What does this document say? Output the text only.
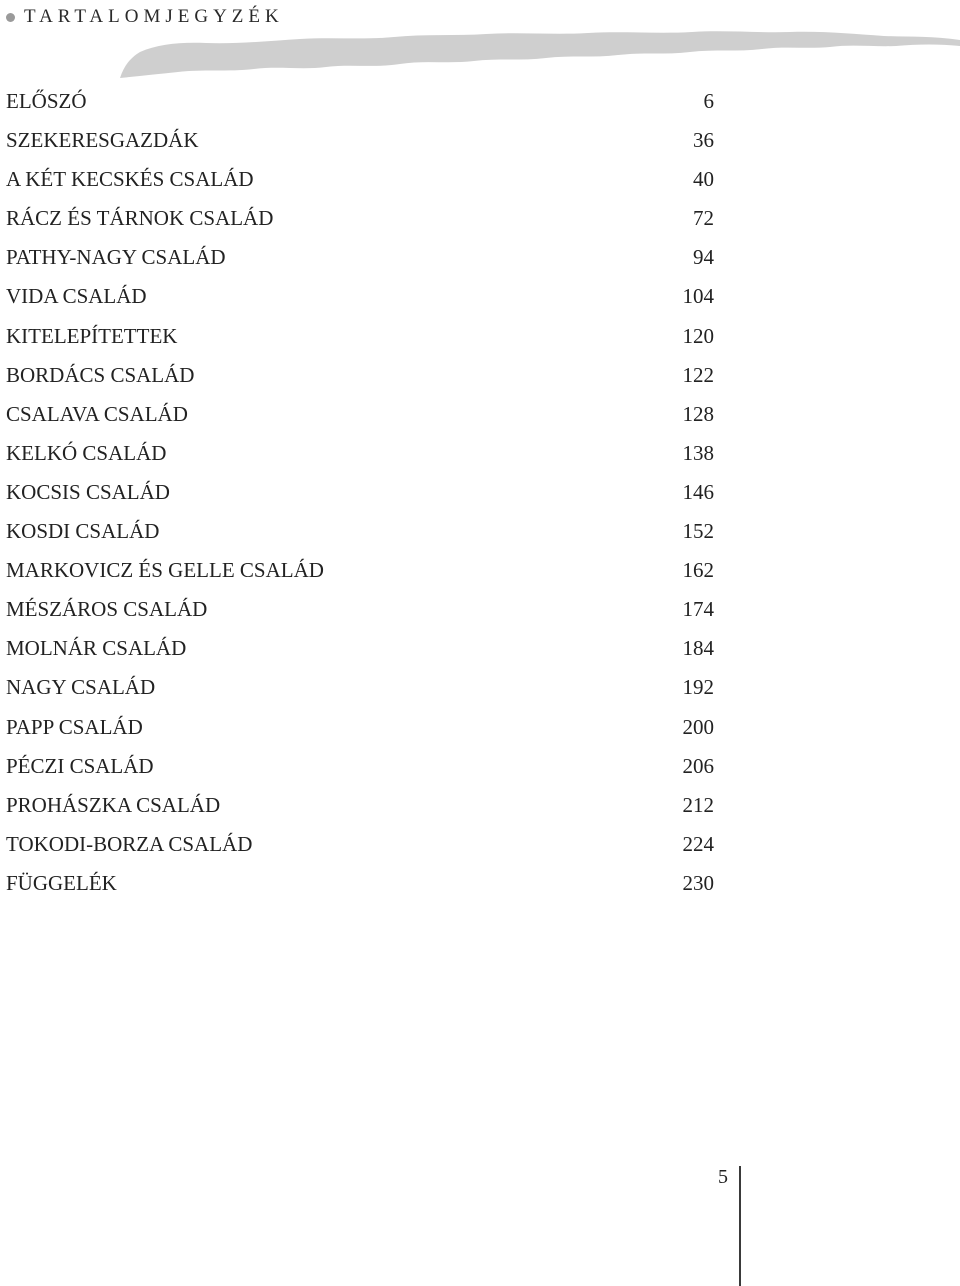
TARTALOMJEGYZÉK
ELŐSZÓ	6
SZEKERESGAZDÁK	36
A KÉT KECSKÉS CSALÁD	40
RÁCZ ÉS TÁRNOK CSALÁD	72
PATHY-NAGY CSALÁD	94
VIDA CSALÁD	104
KITELEPÍTETTEK	120
BORDÁCS CSALÁD	122
CSALAVA CSALÁD	128
KELKÓ CSALÁD	138
KOCSIS CSALÁD	146
KOSDI CSALÁD	152
MARKOVICZ ÉS GELLE CSALÁD	162
MÉSZÁROS CSALÁD	174
MOLNÁR CSALÁD	184
NAGY CSALÁD	192
PAPP CSALÁD	200
PÉCZI CSALÁD	206
PROHÁSZKA CSALÁD	212
TOKODI-BORZA CSALÁD	224
FÜGGELÉK	230
5
